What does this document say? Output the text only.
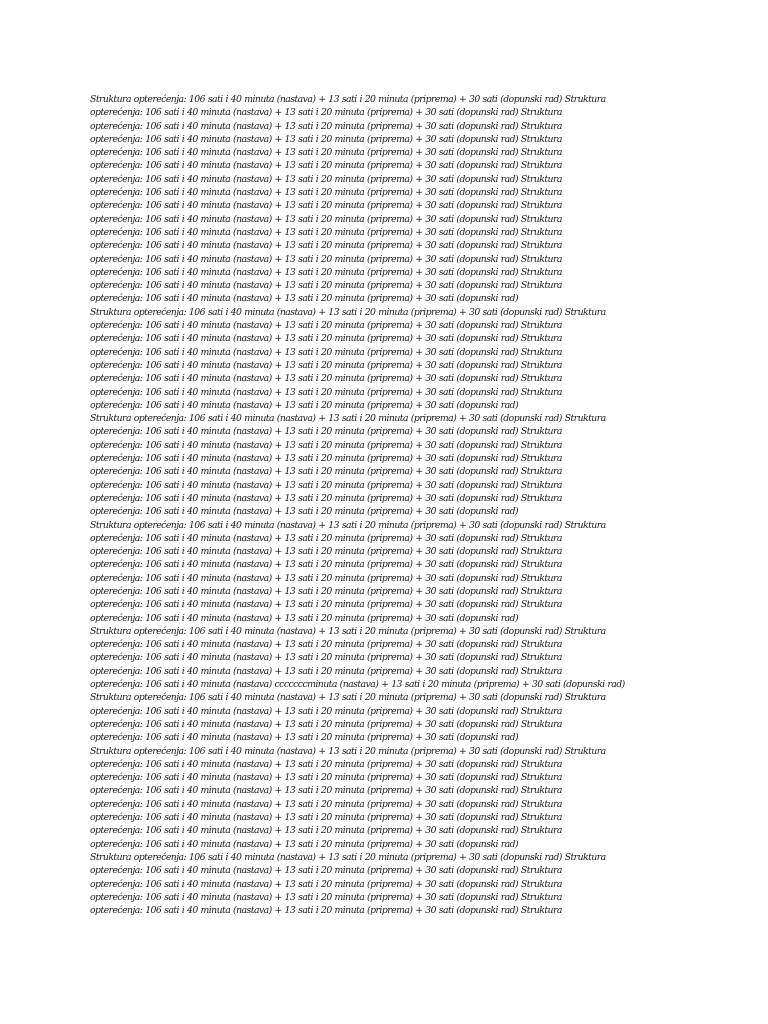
Struktura opterećenja: 106 sati i 40 minuta (nastava) + 13 sati i 20 minuta (priprema) + 30 sati (dopunski rad) Struktura
opterećenja: 106 sati i 40 minuta (nastava) + 13 sati i 20 minuta (priprema) + 30 sati (dopunski rad) Struktura
opterećenja: 106 sati i 40 minuta (nastava) + 13 sati i 20 minuta (priprema) + 30 sati (dopunski rad) Struktura
opterećenja: 106 sati i 40 minuta (nastava) + 13 sati i 20 minuta (priprema) + 30 sati (dopunski rad) Struktura
opterećenja: 106 sati i 40 minuta (nastava) + 13 sati i 20 minuta (priprema) + 30 sati (dopunski rad) Struktura
opterećenja: 106 sati i 40 minuta (nastava) + 13 sati i 20 minuta (priprema) + 30 sati (dopunski rad) Struktura
opterećenja: 106 sati i 40 minuta (nastava) + 13 sati i 20 minuta (priprema) + 30 sati (dopunski rad) Struktura
opterećenja: 106 sati i 40 minuta (nastava) + 13 sati i 20 minuta (priprema) + 30 sati (dopunski rad) Struktura
opterećenja: 106 sati i 40 minuta (nastava) + 13 sati i 20 minuta (priprema) + 30 sati (dopunski rad) Struktura
opterećenja: 106 sati i 40 minuta (nastava) + 13 sati i 20 minuta (priprema) + 30 sati (dopunski rad) Struktura
opterećenja: 106 sati i 40 minuta (nastava) + 13 sati i 20 minuta (priprema) + 30 sati (dopunski rad) Struktura
opterećenja: 106 sati i 40 minuta (nastava) + 13 sati i 20 minuta (priprema) + 30 sati (dopunski rad) Struktura
opterećenja: 106 sati i 40 minuta (nastava) + 13 sati i 20 minuta (priprema) + 30 sati (dopunski rad) Struktura
opterećenja: 106 sati i 40 minuta (nastava) + 13 sati i 20 minuta (priprema) + 30 sati (dopunski rad) Struktura
opterećenja: 106 sati i 40 minuta (nastava) + 13 sati i 20 minuta (priprema) + 30 sati (dopunski rad) Struktura
opterećenja: 106 sati i 40 minuta (nastava) + 13 sati i 20 minuta (priprema) + 30 sati (dopunski rad)
Struktura opterećenja: 106 sati i 40 minuta (nastava) + 13 sati i 20 minuta (priprema) + 30 sati (dopunski rad) Struktura
opterećenja: 106 sati i 40 minuta (nastava) + 13 sati i 20 minuta (priprema) + 30 sati (dopunski rad) Struktura
opterećenja: 106 sati i 40 minuta (nastava) + 13 sati i 20 minuta (priprema) + 30 sati (dopunski rad) Struktura
opterećenja: 106 sati i 40 minuta (nastava) + 13 sati i 20 minuta (priprema) + 30 sati (dopunski rad) Struktura
opterećenja: 106 sati i 40 minuta (nastava) + 13 sati i 20 minuta (priprema) + 30 sati (dopunski rad) Struktura
opterećenja: 106 sati i 40 minuta (nastava) + 13 sati i 20 minuta (priprema) + 30 sati (dopunski rad) Struktura
opterećenja: 106 sati i 40 minuta (nastava) + 13 sati i 20 minuta (priprema) + 30 sati (dopunski rad) Struktura
opterećenja: 106 sati i 40 minuta (nastava) + 13 sati i 20 minuta (priprema) + 30 sati (dopunski rad)
Struktura opterećenja: 106 sati i 40 minuta (nastava) + 13 sati i 20 minuta (priprema) + 30 sati (dopunski rad) Struktura
opterećenja: 106 sati i 40 minuta (nastava) + 13 sati i 20 minuta (priprema) + 30 sati (dopunski rad) Struktura
opterećenja: 106 sati i 40 minuta (nastava) + 13 sati i 20 minuta (priprema) + 30 sati (dopunski rad) Struktura
opterećenja: 106 sati i 40 minuta (nastava) + 13 sati i 20 minuta (priprema) + 30 sati (dopunski rad) Struktura
opterećenja: 106 sati i 40 minuta (nastava) + 13 sati i 20 minuta (priprema) + 30 sati (dopunski rad) Struktura
opterećenja: 106 sati i 40 minuta (nastava) + 13 sati i 20 minuta (priprema) + 30 sati (dopunski rad) Struktura
opterećenja: 106 sati i 40 minuta (nastava) + 13 sati i 20 minuta (priprema) + 30 sati (dopunski rad) Struktura
opterećenja: 106 sati i 40 minuta (nastava) + 13 sati i 20 minuta (priprema) + 30 sati (dopunski rad)
Struktura opterećenja: 106 sati i 40 minuta (nastava) + 13 sati i 20 minuta (priprema) + 30 sati (dopunski rad) Struktura
opterećenja: 106 sati i 40 minuta (nastava) + 13 sati i 20 minuta (priprema) + 30 sati (dopunski rad) Struktura
opterećenja: 106 sati i 40 minuta (nastava) + 13 sati i 20 minuta (priprema) + 30 sati (dopunski rad) Struktura
opterećenja: 106 sati i 40 minuta (nastava) + 13 sati i 20 minuta (priprema) + 30 sati (dopunski rad) Struktura
opterećenja: 106 sati i 40 minuta (nastava) + 13 sati i 20 minuta (priprema) + 30 sati (dopunski rad) Struktura
opterećenja: 106 sati i 40 minuta (nastava) + 13 sati i 20 minuta (priprema) + 30 sati (dopunski rad) Struktura
opterećenja: 106 sati i 40 minuta (nastava) + 13 sati i 20 minuta (priprema) + 30 sati (dopunski rad) Struktura
opterećenja: 106 sati i 40 minuta (nastava) + 13 sati i 20 minuta (priprema) + 30 sati (dopunski rad)
Struktura opterećenja: 106 sati i 40 minuta (nastava) + 13 sati i 20 minuta (priprema) + 30 sati (dopunski rad) Struktura
opterećenja: 106 sati i 40 minuta (nastava) + 13 sati i 20 minuta (priprema) + 30 sati (dopunski rad) Struktura
opterećenja: 106 sati i 40 minuta (nastava) + 13 sati i 20 minuta (priprema) + 30 sati (dopunski rad) Struktura
opterećenja: 106 sati i 40 minuta (nastava) + 13 sati i 20 minuta (priprema) + 30 sati (dopunski rad) Struktura
opterećenja: 106 sati i 40 minuta (nastava) cccccccminuta (nastava) + 13 sati i 20 minuta (priprema) + 30 sati (dopunski rad)
Struktura opterećenja: 106 sati i 40 minuta (nastava) + 13 sati i 20 minuta (priprema) + 30 sati (dopunski rad) Struktura
opterećenja: 106 sati i 40 minuta (nastava) + 13 sati i 20 minuta (priprema) + 30 sati (dopunski rad) Struktura
opterećenja: 106 sati i 40 minuta (nastava) + 13 sati i 20 minuta (priprema) + 30 sati (dopunski rad) Struktura
opterećenja: 106 sati i 40 minuta (nastava) + 13 sati i 20 minuta (priprema) + 30 sati (dopunski rad)
Struktura opterećenja: 106 sati i 40 minuta (nastava) + 13 sati i 20 minuta (priprema) + 30 sati (dopunski rad) Struktura
opterećenja: 106 sati i 40 minuta (nastava) + 13 sati i 20 minuta (priprema) + 30 sati (dopunski rad) Struktura
opterećenja: 106 sati i 40 minuta (nastava) + 13 sati i 20 minuta (priprema) + 30 sati (dopunski rad) Struktura
opterećenja: 106 sati i 40 minuta (nastava) + 13 sati i 20 minuta (priprema) + 30 sati (dopunski rad) Struktura
opterećenja: 106 sati i 40 minuta (nastava) + 13 sati i 20 minuta (priprema) + 30 sati (dopunski rad) Struktura
opterećenja: 106 sati i 40 minuta (nastava) + 13 sati i 20 minuta (priprema) + 30 sati (dopunski rad) Struktura
opterećenja: 106 sati i 40 minuta (nastava) + 13 sati i 20 minuta (priprema) + 30 sati (dopunski rad) Struktura
opterećenja: 106 sati i 40 minuta (nastava) + 13 sati i 20 minuta (priprema) + 30 sati (dopunski rad)
Struktura opterećenja: 106 sati i 40 minuta (nastava) + 13 sati i 20 minuta (priprema) + 30 sati (dopunski rad) Struktura
opterećenja: 106 sati i 40 minuta (nastava) + 13 sati i 20 minuta (priprema) + 30 sati (dopunski rad) Struktura
opterećenja: 106 sati i 40 minuta (nastava) + 13 sati i 20 minuta (priprema) + 30 sati (dopunski rad) Struktura
opterećenja: 106 sati i 40 minuta (nastava) + 13 sati i 20 minuta (priprema) + 30 sati (dopunski rad) Struktura
opterećenja: 106 sati i 40 minuta (nastava) + 13 sati i 20 minuta (priprema) + 30 sati (dopunski rad) Struktura
